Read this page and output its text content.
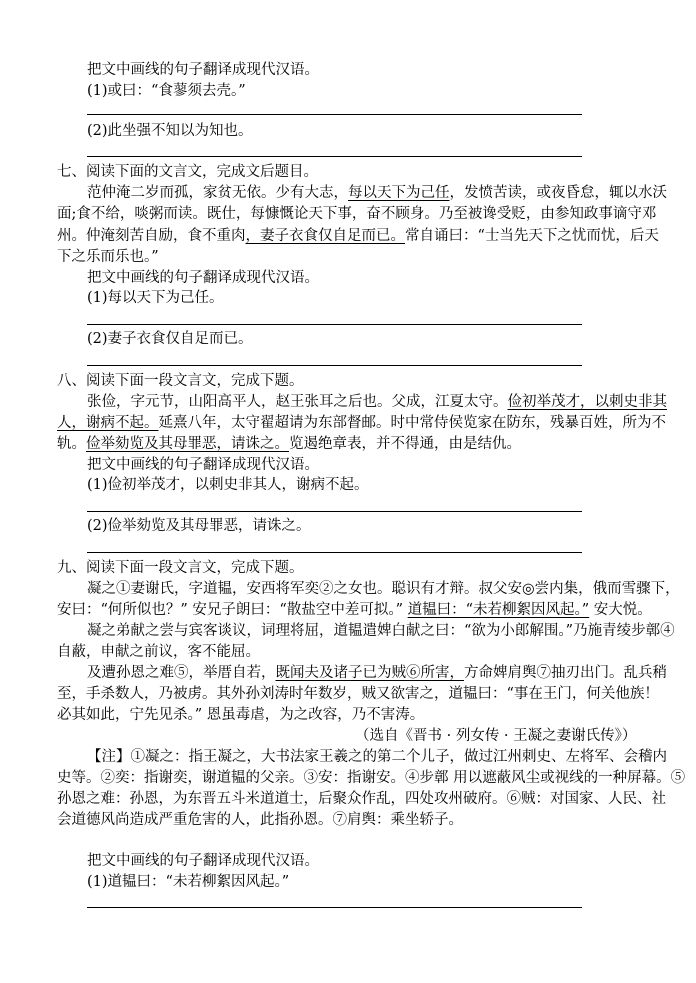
把文中画线的句子翻译成现代汉语。
(1)或曰：“食蓼须去壳。”
(2)此坐强不知以为知也。
七、阅读下面的文言文，完成文后题目。
范仲淹二岁而孤，家贫无依。少有大志，每以天下为己任，发愤苦读，或夜昏怠，辄以水沃
面;食不给，啖粥而读。既仕，每慷慨论天下事，奋不顾身。乃至被谗受贬，由参知政事谪守邓
州。仲淹刻苦自励，食不重肉，妻子衣食仅自足而已。常自诵曰：“士当先天下之忧而忧，后天
下之乐而乐也。”
把文中画线的句子翻译成现代汉语。
(1)每以天下为己任。
(2)妻子衣食仅自足而已。
八、阅读下面一段文言文，完成下题。
张俭，字元节，山阳高平人，赵王张耳之后也。父成，江夏太守。俭初举茂才，以刺史非其
人，谢病不起。延熹八年，太守翟超请为东部督邮。时中常侍侯览家在防东，残暴百姓，所为不
轨。俭举劾览及其母罪恶，请诛之。览遏绝章表，并不得通，由是结仇。
把文中画线的句子翻译成现代汉语。
(1)俭初举茂才，以刺史非其人，谢病不起。
(2)俭举劾览及其母罪恶，请诛之。
九、阅读下面一段文言文，完成下题。
凝之①妻谢氏，字道韫，安西将军奕②之女也。聪识有才辩。叔父安◎尝内集，俄而雪骤下，
安曰：“何所似也？” 安兄子朗曰：“散盐空中差可拟。” 道韫曰：“未若柳絮因风起。” 安大悦。
凝之弟献之尝与宾客谈议，词理将屈，道韫遣婢白献之曰：“欲为小郎解围。”乃施青绫步鄣④
自蔽，申献之前议，客不能屈。
及遭孙恩之难⑤，举厝自若，既闻夫及诸子已为贼⑥所害，方命婢肩舆⑦抽刃出门。乱兵稍
至，手杀数人，乃被虏。其外孙刘涛时年数岁，贼又欲害之，道韫曰：“事在王门，何关他族！
必其如此，宁先见杀。” 恩虽毒虐，为之改容，乃不害涛。
（选自《晋书 · 列女传 · 王凝之妻谢氏传》）
【注】①凝之：指王凝之，大书法家王羲之的第二个儿子，做过江州刺史、左将军、会稽内
史等。②奕：指谢奕，谢道韫的父亲。③安：指谢安。④步鄣 用以遮蔽风尘或视线的一种屏幕。⑤
孙恩之难：孙恩，为东晋五斗米道道士，后聚众作乱，四处攻州破府。⑥贼：对国家、人民、社
会道德风尚造成严重危害的人，此指孙恩。⑦肩舆：乘坐轿子。
把文中画线的句子翻译成现代汉语。
(1)道韫曰：“未若柳絮因风起。”
